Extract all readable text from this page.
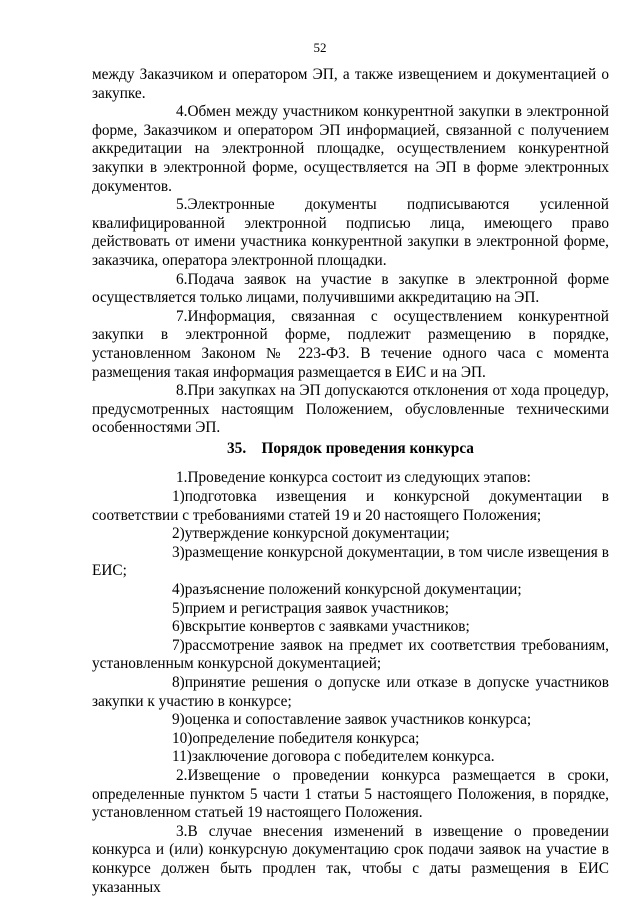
52

между Заказчиком и оператором ЭП, а также извещением и документацией о закупке.

4.Обмен между участником конкурентной закупки в электронной форме, Заказчиком и оператором ЭП информацией, связанной с получением аккредитации на электронной площадке, осуществлением конкурентной закупки в электронной форме, осуществляется на ЭП в форме электронных документов.

5.Электронные документы подписываются усиленной квалифицированной электронной подписью лица, имеющего право действовать от имени участника конкурентной закупки в электронной форме, заказчика, оператора электронной площадки.

6.Подача заявок на участие в закупке в электронной форме осуществляется только лицами, получившими аккредитацию на ЭП.

7.Информация, связанная с осуществлением конкурентной закупки в электронной форме, подлежит размещению в порядке, установленном Законом № 223-ФЗ. В течение одного часа с момента размещения такая информация размещается в ЕИС и на ЭП.

8.При закупках на ЭП допускаются отклонения от хода процедур, предусмотренных настоящим Положением, обусловленные техническими особенностями ЭП.

35.    Порядок проведения конкурса

1.Проведение конкурса состоит из следующих этапов:

1)подготовка извещения и конкурсной документации в соответствии с требованиями статей 19 и 20 настоящего Положения;

2)утверждение конкурсной документации;

3)размещение конкурсной документации, в том числе извещения в ЕИС;

4)разъяснение положений конкурсной документации;

5)прием и регистрация заявок участников;

6)вскрытие конвертов с заявками участников;

7)рассмотрение заявок на предмет их соответствия требованиям, установленным конкурсной документацией;

8)принятие решения о допуске или отказе в допуске участников закупки к участию в конкурсе;

9)оценка и сопоставление заявок участников конкурса;

10)определение победителя конкурса;

11)заключение договора с победителем конкурса.

2.Извещение о проведении конкурса размещается в сроки, определенные пунктом 5 части 1 статьи 5 настоящего Положения, в порядке, установленном статьей 19 настоящего Положения.

3.В случае внесения изменений в извещение о проведении конкурса и (или) конкурсную документацию срок подачи заявок на участие в конкурсе должен быть продлен так, чтобы с даты размещения в ЕИС указанных
